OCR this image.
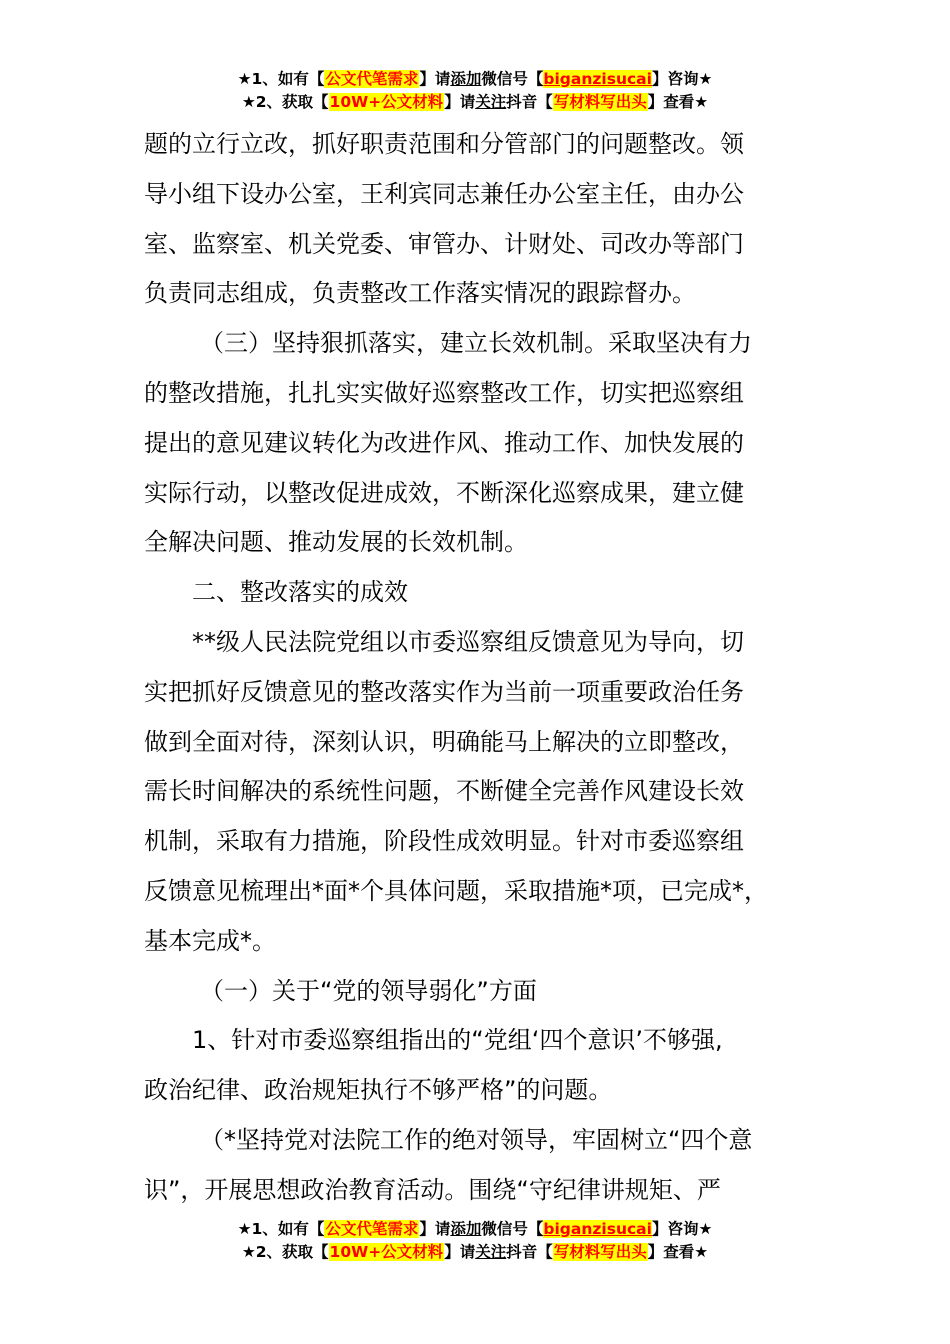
★1、如有【公文代笔需求】请添加微信号【biganzisucai】咨询★
★2、获取【10W+公文材料】请关注抖音【写材料写出头】查看★
题的立行立改，抓好职责范围和分管部门的问题整改。领
导小组下设办公室，王利宾同志兼任办公室主任，由办公
室、监察室、机关党委、审管办、计财处、司改办等部门
负责同志组成，负责整改工作落实情况的跟踪督办。
（三）坚持狠抓落实，建立长效机制。采取坚决有力
的整改措施，扎扎实实做好巡察整改工作，切实把巡察组
提出的意见建议转化为改进作风、推动工作、加快发展的
实际行动，以整改促进成效，不断深化巡察成果，建立健
全解决问题、推动发展的长效机制。
二、整改落实的成效
**级人民法院党组以市委巡察组反馈意见为导向，切
实把抓好反馈意见的整改落实作为当前一项重要政治任务
做到全面对待，深刻认识，明确能马上解决的立即整改，
需长时间解决的系统性问题，不断健全完善作风建设长效
机制，采取有力措施，阶段性成效明显。针对市委巡察组
反馈意见梳理出*面*个具体问题，采取措施*项，已完成*，
基本完成*。
（一）关于“党的领导弱化”方面
1、针对市委巡察组指出的“党组‘四个意识’不够强,
政治纪律、政治规矩执行不够严格”的问题。
（*坚持党对法院工作的绝对领导，牢固树立“四个意
识”，开展思想政治教育活动。围绕“守纪律讲规矩、严
★1、如有【公文代笔需求】请添加微信号【biganzisucai】咨询★
★2、获取【10W+公文材料】请关注抖音【写材料写出头】查看★
